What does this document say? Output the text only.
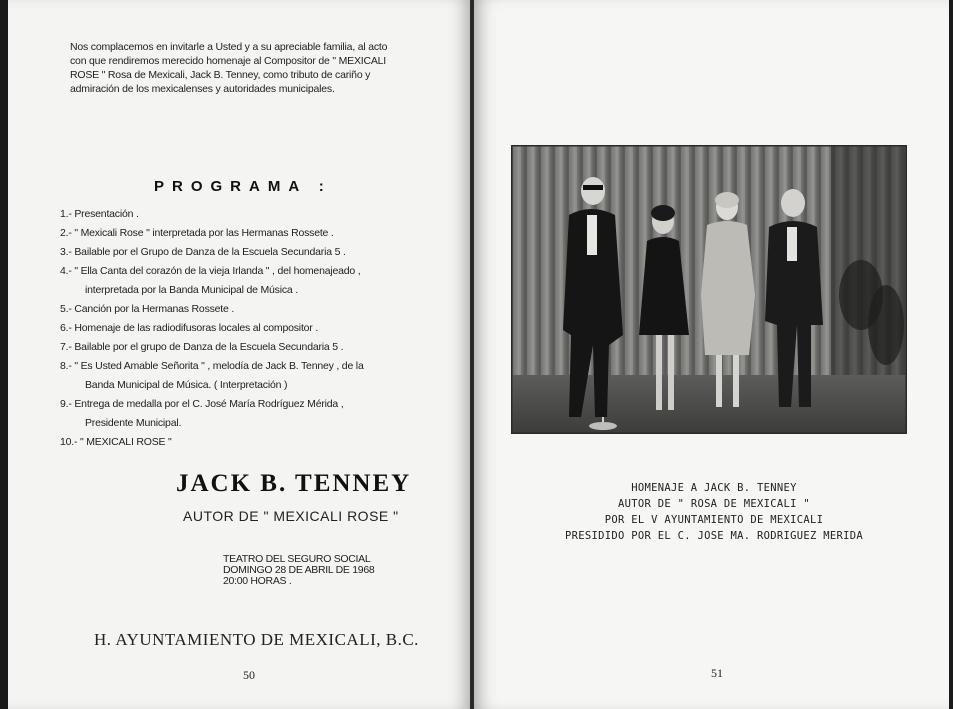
Nos complacemos en invitarle a Usted y a su apreciable familia, al acto
con que rendiremos merecido homenaje al Compositor de " MEXICALI
ROSE " Rosa de Mexicali, Jack B. Tenney, como tributo de cariño y
admiración de los mexicalenses y autoridades municipales.
PROGRAMA :
1.- Presentación .
2.- " Mexicali Rose " interpretada por las Hermanas Rossete .
3.- Bailable por el Grupo de Danza de la Escuela Secundaria 5 .
4.- " Ella Canta del corazón de la vieja Irlanda " , del homenajeado ,
interpretada por la Banda Municipal de Música .
5.- Canción por la Hermanas Rossete .
6.- Homenaje de las radiodifusoras locales al compositor .
7.- Bailable por el grupo de Danza de la Escuela Secundaria 5 .
8.- " Es Usted Amable Señorita " , melodía de Jack B. Tenney , de la
Banda Municipal de Música. ( Interpretación )
9.- Entrega de medalla por el C. José María Rodríguez Mérida ,
Presidente Municipal.
10.- " MEXICALI ROSE "
JACK B. TENNEY
AUTOR DE " MEXICALI ROSE "
TEATRO DEL SEGURO SOCIAL
DOMINGO 28 DE ABRIL DE 1968
20:00 HORAS .
H. AYUNTAMIENTO DE MEXICALI, B.C.
50
HOMENAJE A JACK B. TENNEY
AUTOR DE " ROSA DE MEXICALI "
POR EL V AYUNTAMIENTO DE MEXICALI
PRESIDIDO POR EL C. JOSE MA. RODRIGUEZ MERIDA
51
